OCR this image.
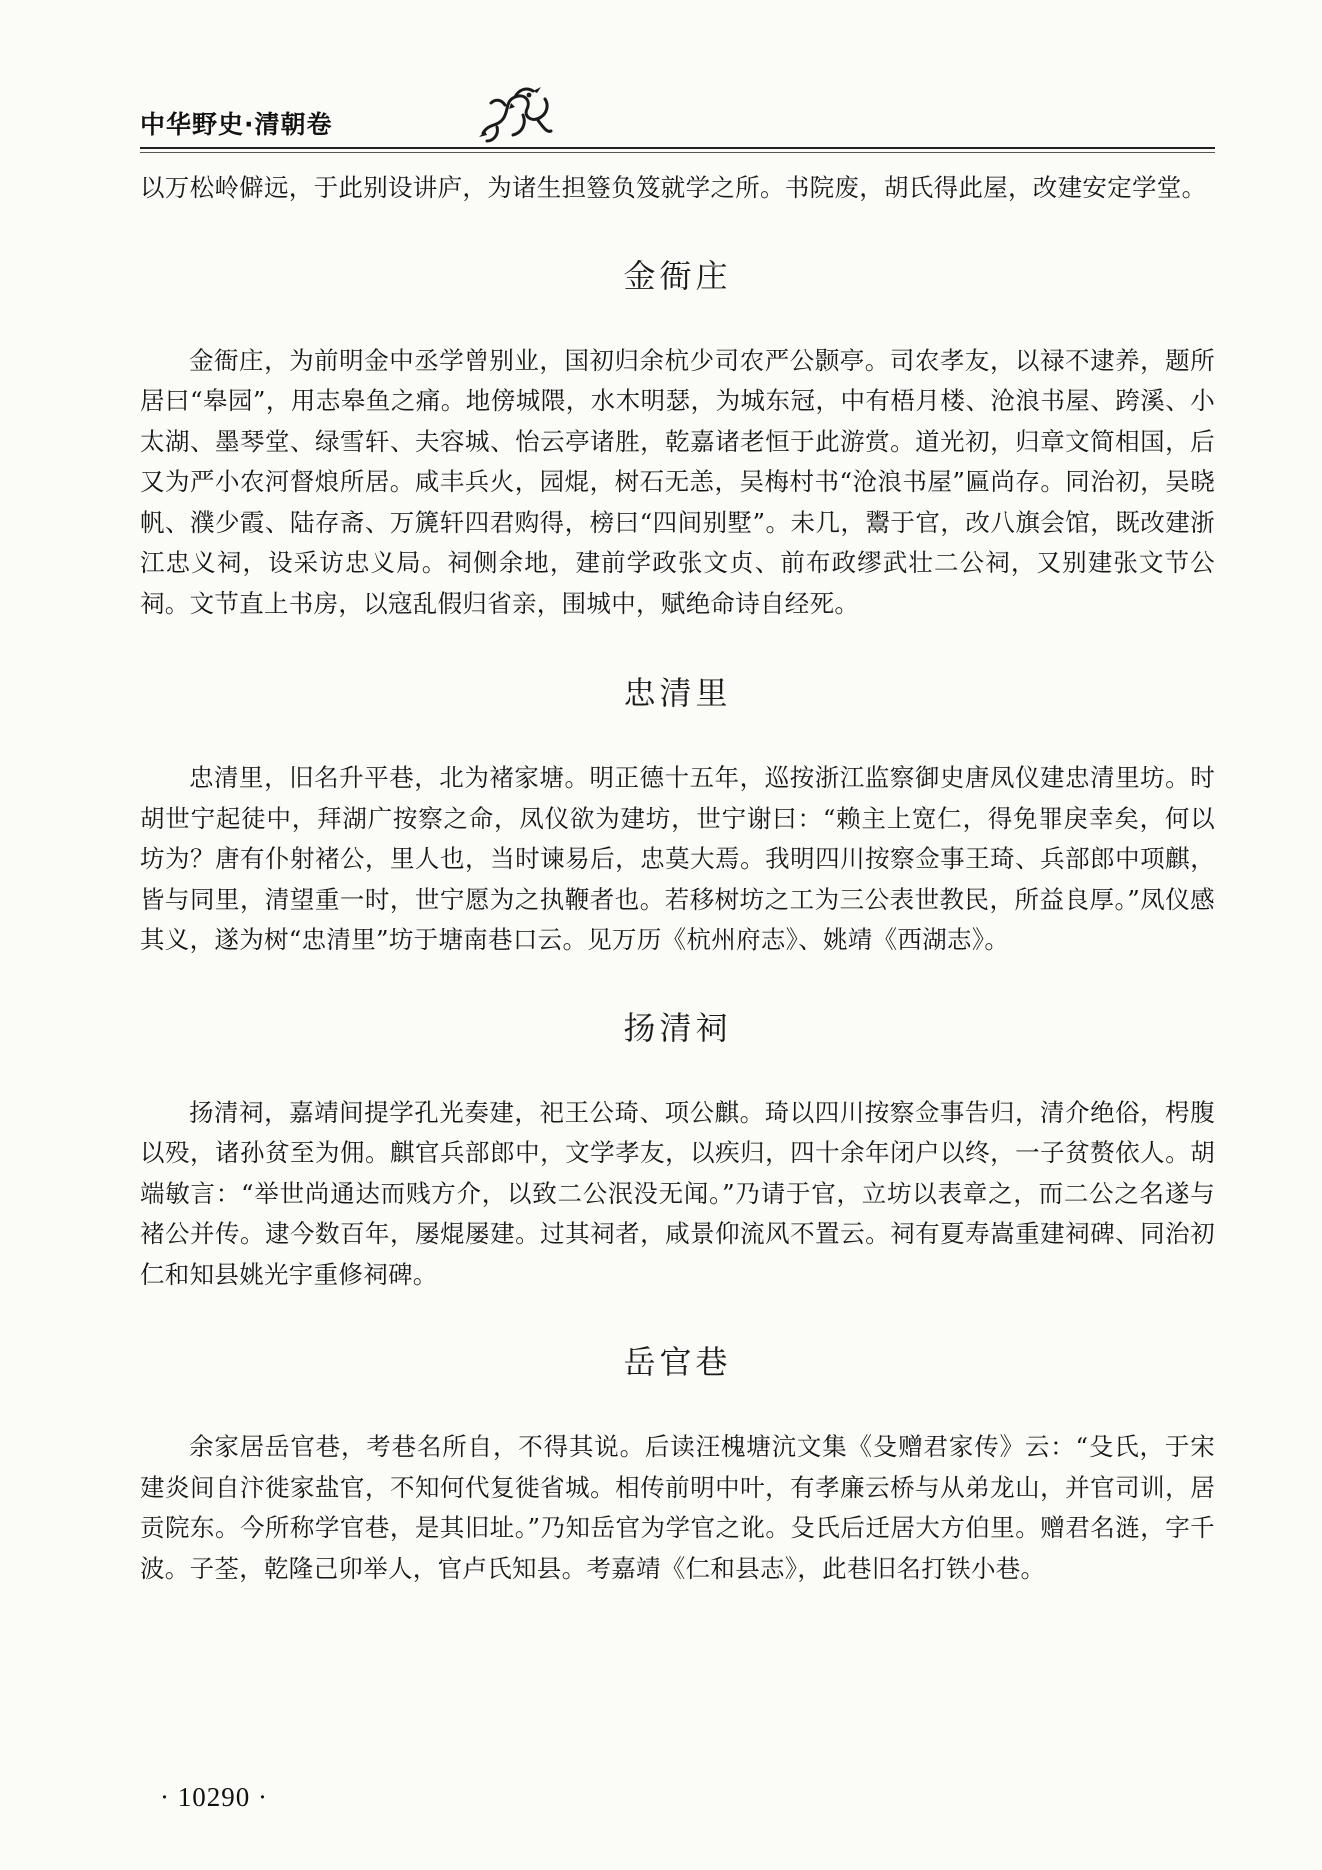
中华野史·清朝卷

以万松岭僻远，于此别设讲庐，为诸生担簦负笈就学之所。书院废，胡氏得此屋，改建安定学堂。

金衙庄

金衙庄，为前明金中丞学曾别业，国初归余杭少司农严公颢亭。司农孝友，以禄不逮养，题所居曰“皋园”，用志皋鱼之痛。地傍城隈，水木明瑟，为城东冠，中有梧月楼、沧浪书屋、跨溪、小太湖、墨琴堂、绿雪轩、夫容城、怡云亭诸胜，乾嘉诸老恒于此游赏。道光初，归章文简相国，后又为严小农河督烺所居。咸丰兵火，园焜，树石无恙，吴梅村书“沧浪书屋”匾尚存。同治初，吴晓帆、濮少霞、陆存斋、万篪轩四君购得，榜曰“四间别墅”。未几，鬻于官，改八旗会馆，既改建浙江忠义祠，设采访忠义局。祠侧余地，建前学政张文贞、前布政缪武壮二公祠，又别建张文节公祠。文节直上书房，以寇乱假归省亲，围城中，赋绝命诗自经死。

忠清里

忠清里，旧名升平巷，北为褚家塘。明正德十五年，巡按浙江监察御史唐凤仪建忠清里坊。时胡世宁起徒中，拜湖广按察之命，凤仪欲为建坊，世宁谢曰：“赖主上宽仁，得免罪戾幸矣，何以坊为？唐有仆射褚公，里人也，当时谏易后，忠莫大焉。我明四川按察佥事王琦、兵部郎中项麒，皆与同里，清望重一时，世宁愿为之执鞭者也。若移树坊之工为三公表世教民，所益良厚。”凤仪感其义，遂为树“忠清里”坊于塘南巷口云。见万历《杭州府志》、姚靖《西湖志》。

扬清祠

扬清祠，嘉靖间提学孔光奏建，祀王公琦、项公麒。琦以四川按察佥事告归，清介绝俗，枵腹以殁，诸孙贫至为佣。麒官兵部郎中，文学孝友，以疾归，四十余年闭户以终，一子贫赘依人。胡端敏言：“举世尚通达而贱方介，以致二公泯没无闻。”乃请于官，立坊以表章之，而二公之名遂与褚公并传。逮今数百年，屡焜屡建。过其祠者，咸景仰流风不置云。祠有夏寿嵩重建祠碑、同治初仁和知县姚光宇重修祠碑。

岳官巷

余家居岳官巷，考巷名所自，不得其说。后读汪槐塘沆文集《殳赠君家传》云：“殳氏，于宋建炎间自汴徙家盐官，不知何代复徙省城。相传前明中叶，有孝廉云桥与从弟龙山，并官司训，居贡院东。今所称学官巷，是其旧址。”乃知岳官为学官之讹。殳氏后迁居大方伯里。赠君名涟，字千波。子荃，乾隆己卯举人，官卢氏知县。考嘉靖《仁和县志》，此巷旧名打铁小巷。

· 10290 ·
